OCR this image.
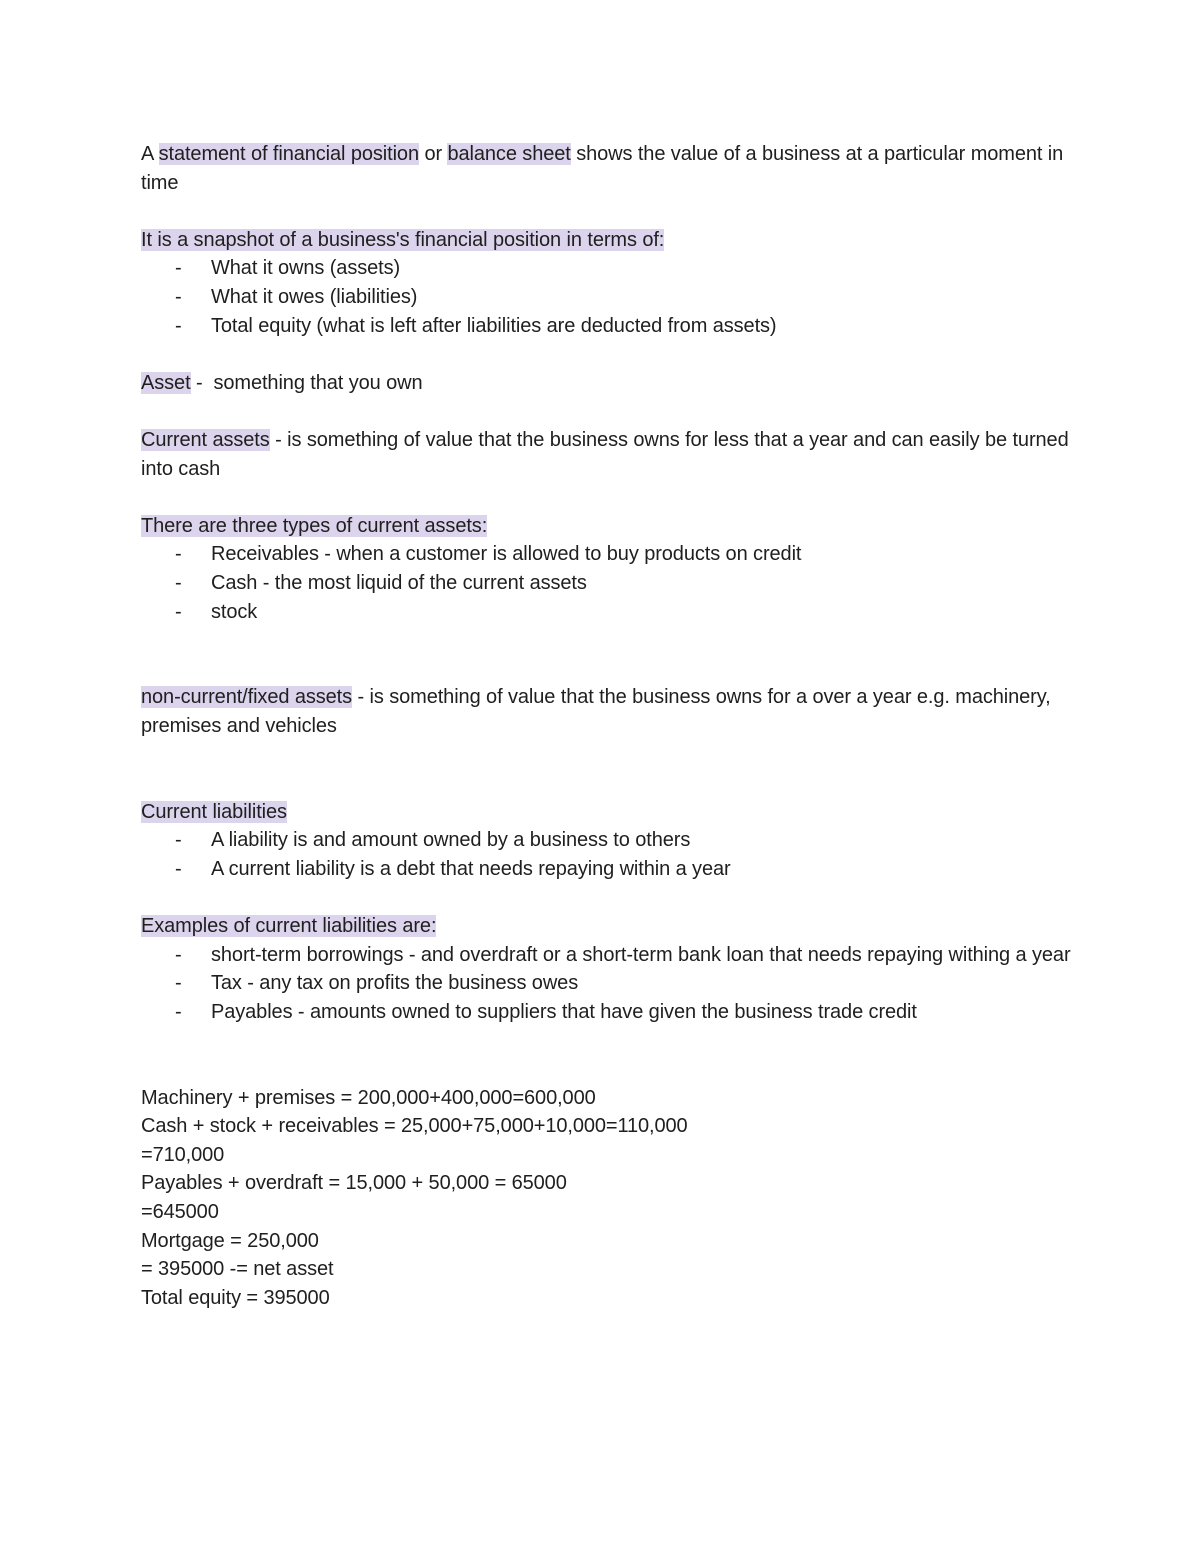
A statement of financial position or balance sheet shows the value of a business at a particular moment in time

It is a snapshot of a business's financial position in terms of:

- What it owns (assets)
- What it owes (liabilities)
- Total equity (what is left after liabilities are deducted from assets)

Asset -  something that you own

Current assets - is something of value that the business owns for less that a year and can easily be turned into cash

There are three types of current assets:

- Receivables - when a customer is allowed to buy products on credit
- Cash - the most liquid of the current assets
- stock

non-current/fixed assets - is something of value that the business owns for a over a year e.g. machinery, premises and vehicles

Current liabilities

- A liability is and amount owned by a business to others
- A current liability is a debt that needs repaying within a year

Examples of current liabilities are:

- short-term borrowings - and overdraft or a short-term bank loan that needs repaying withing a year
- Tax - any tax on profits the business owes
- Payables - amounts owned to suppliers that have given the business trade credit

Machinery + premises = 200,000+400,000=600,000

Cash + stock + receivables = 25,000+75,000+10,000=110,000

=710,000

Payables + overdraft = 15,000 + 50,000 = 65000

=645000

Mortgage = 250,000

= 395000 -= net asset

Total equity = 395000
